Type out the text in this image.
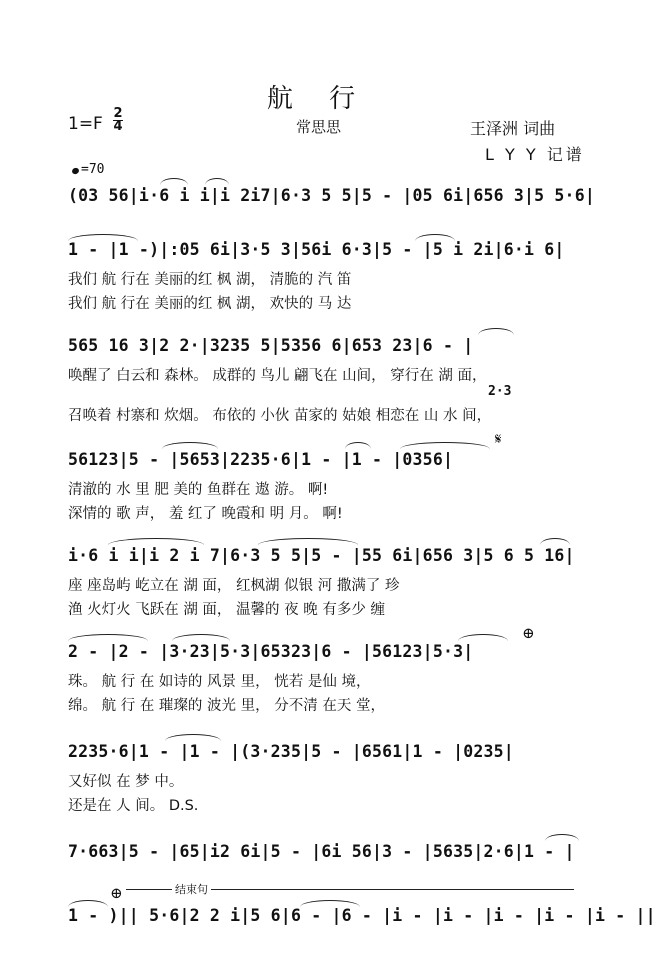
航 行
1=F
2
4	常思思	王泽洲 词曲
L Y Y 记谱
=70
(03 56|i·6 i i|i 2i7|6·3 5 5|5 - |05 6i|656 3|5 5·6|
1 - |1 -)|:05 6i|3·5 3|56i 6·3|5 - |5 i 2i|6·i 6|
我们 航 行在 美丽的红 枫 湖， 清脆的 汽 笛
我们 航 行在 美丽的红 枫 湖， 欢快的 马 达
565 16 3|2 2·|3235 5|5356 6|653 23|6 - |
唤醒了 白云和 森林。 成群的 鸟儿 翩飞在 山间， 穿行在 湖 面，
2·3
召唤着 村寨和 炊烟。 布依的 小伙 苗家的 姑娘 相恋在 山 水 间，
𝄋
56123|5 - |5653|2235·6|1 - |1 - |0356|
清澈的 水 里 肥 美的 鱼群在 遨 游。 啊!
深情的 歌 声， 羞 红了 晚霞和 明 月。 啊!
i·6 i i|i 2 i 7|6·3 5 5|5 - |55 6i|656 3|5 6 5 16|
座 座岛屿 屹立在 湖 面， 红枫湖 似银 河 撒满了 珍
渔 火灯火 飞跃在 湖 面， 温馨的 夜 晚 有多少 缠
⊕
2 - |2 - |3·23|5·3|65323|6 - |56123|5·3|
珠。 航 行 在 如诗的 风景 里， 恍若 是仙 境，
绵。 航 行 在 璀璨的 波光 里， 分不清 在天 堂，
2235·6|1 - |1 - |(3·235|5 - |6561|1 - |0235|
又好似 在 梦 中。
还是在 人 间。 D.S.
7·663|5 - |65|i2 6i|5 - |6i 56|3 - |5635|2·6|1 - |
结束句
⊕
1 - )|| 5·6|2 2 i|5 6|6 - |6 - |i - |i - |i - |i - |i - ||
